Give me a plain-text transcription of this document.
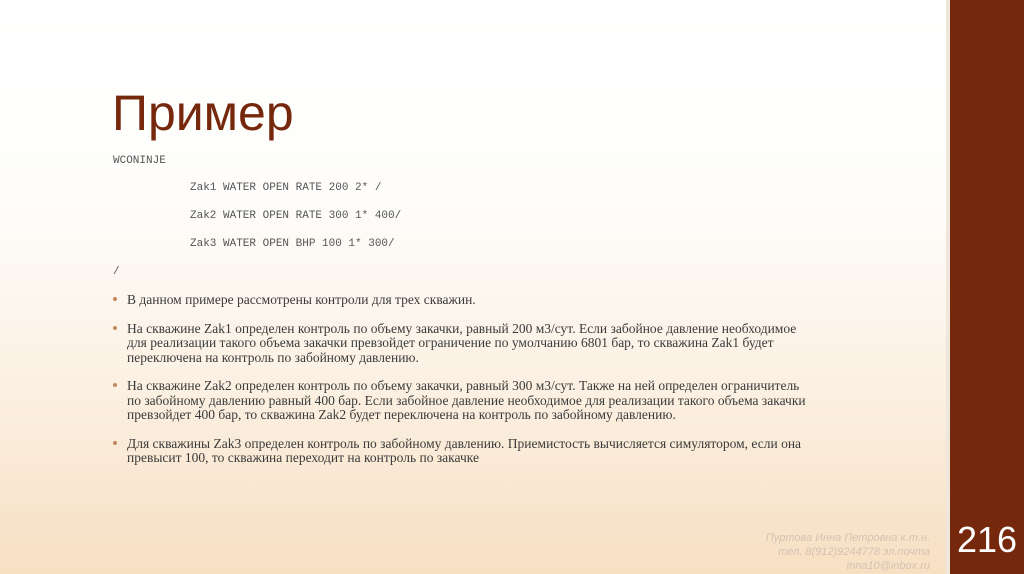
216
Пример
WCONINJE
Zak1 WATER OPEN RATE 200 2* /
Zak2 WATER OPEN RATE 300 1* 400/
Zak3 WATER OPEN BHP 100 1* 300/
/
В данном примере рассмотрены контроли для трех скважин.
На скважине Zak1 определен контроль по объему закачки, равный 200 м3/сут. Если забойное давление необходимое для реализации такого объема закачки превзойдет ограничение по умолчанию 6801 бар, то скважина Zak1 будет переключена на контроль по забойному давлению.
На скважине Zak2 определен контроль по объему закачки, равный 300 м3/сут. Также на ней определен ограничитель по забойному давлению равный 400 бар. Если забойное давление необходимое для реализации такого объема закачки превзойдет 400 бар, то скважина Zak2 будет переключена на контроль по забойному давлению.
Для скважины Zak3 определен контроль по забойному давлению. Приемистость вычисляется симулятором, если она превысит 100, то скважина переходит на контроль по закачке
Пуртова Инна Петровна к.т.н.
тел. 8(912)9244778 эл.почта
inna10@inbox.ru
